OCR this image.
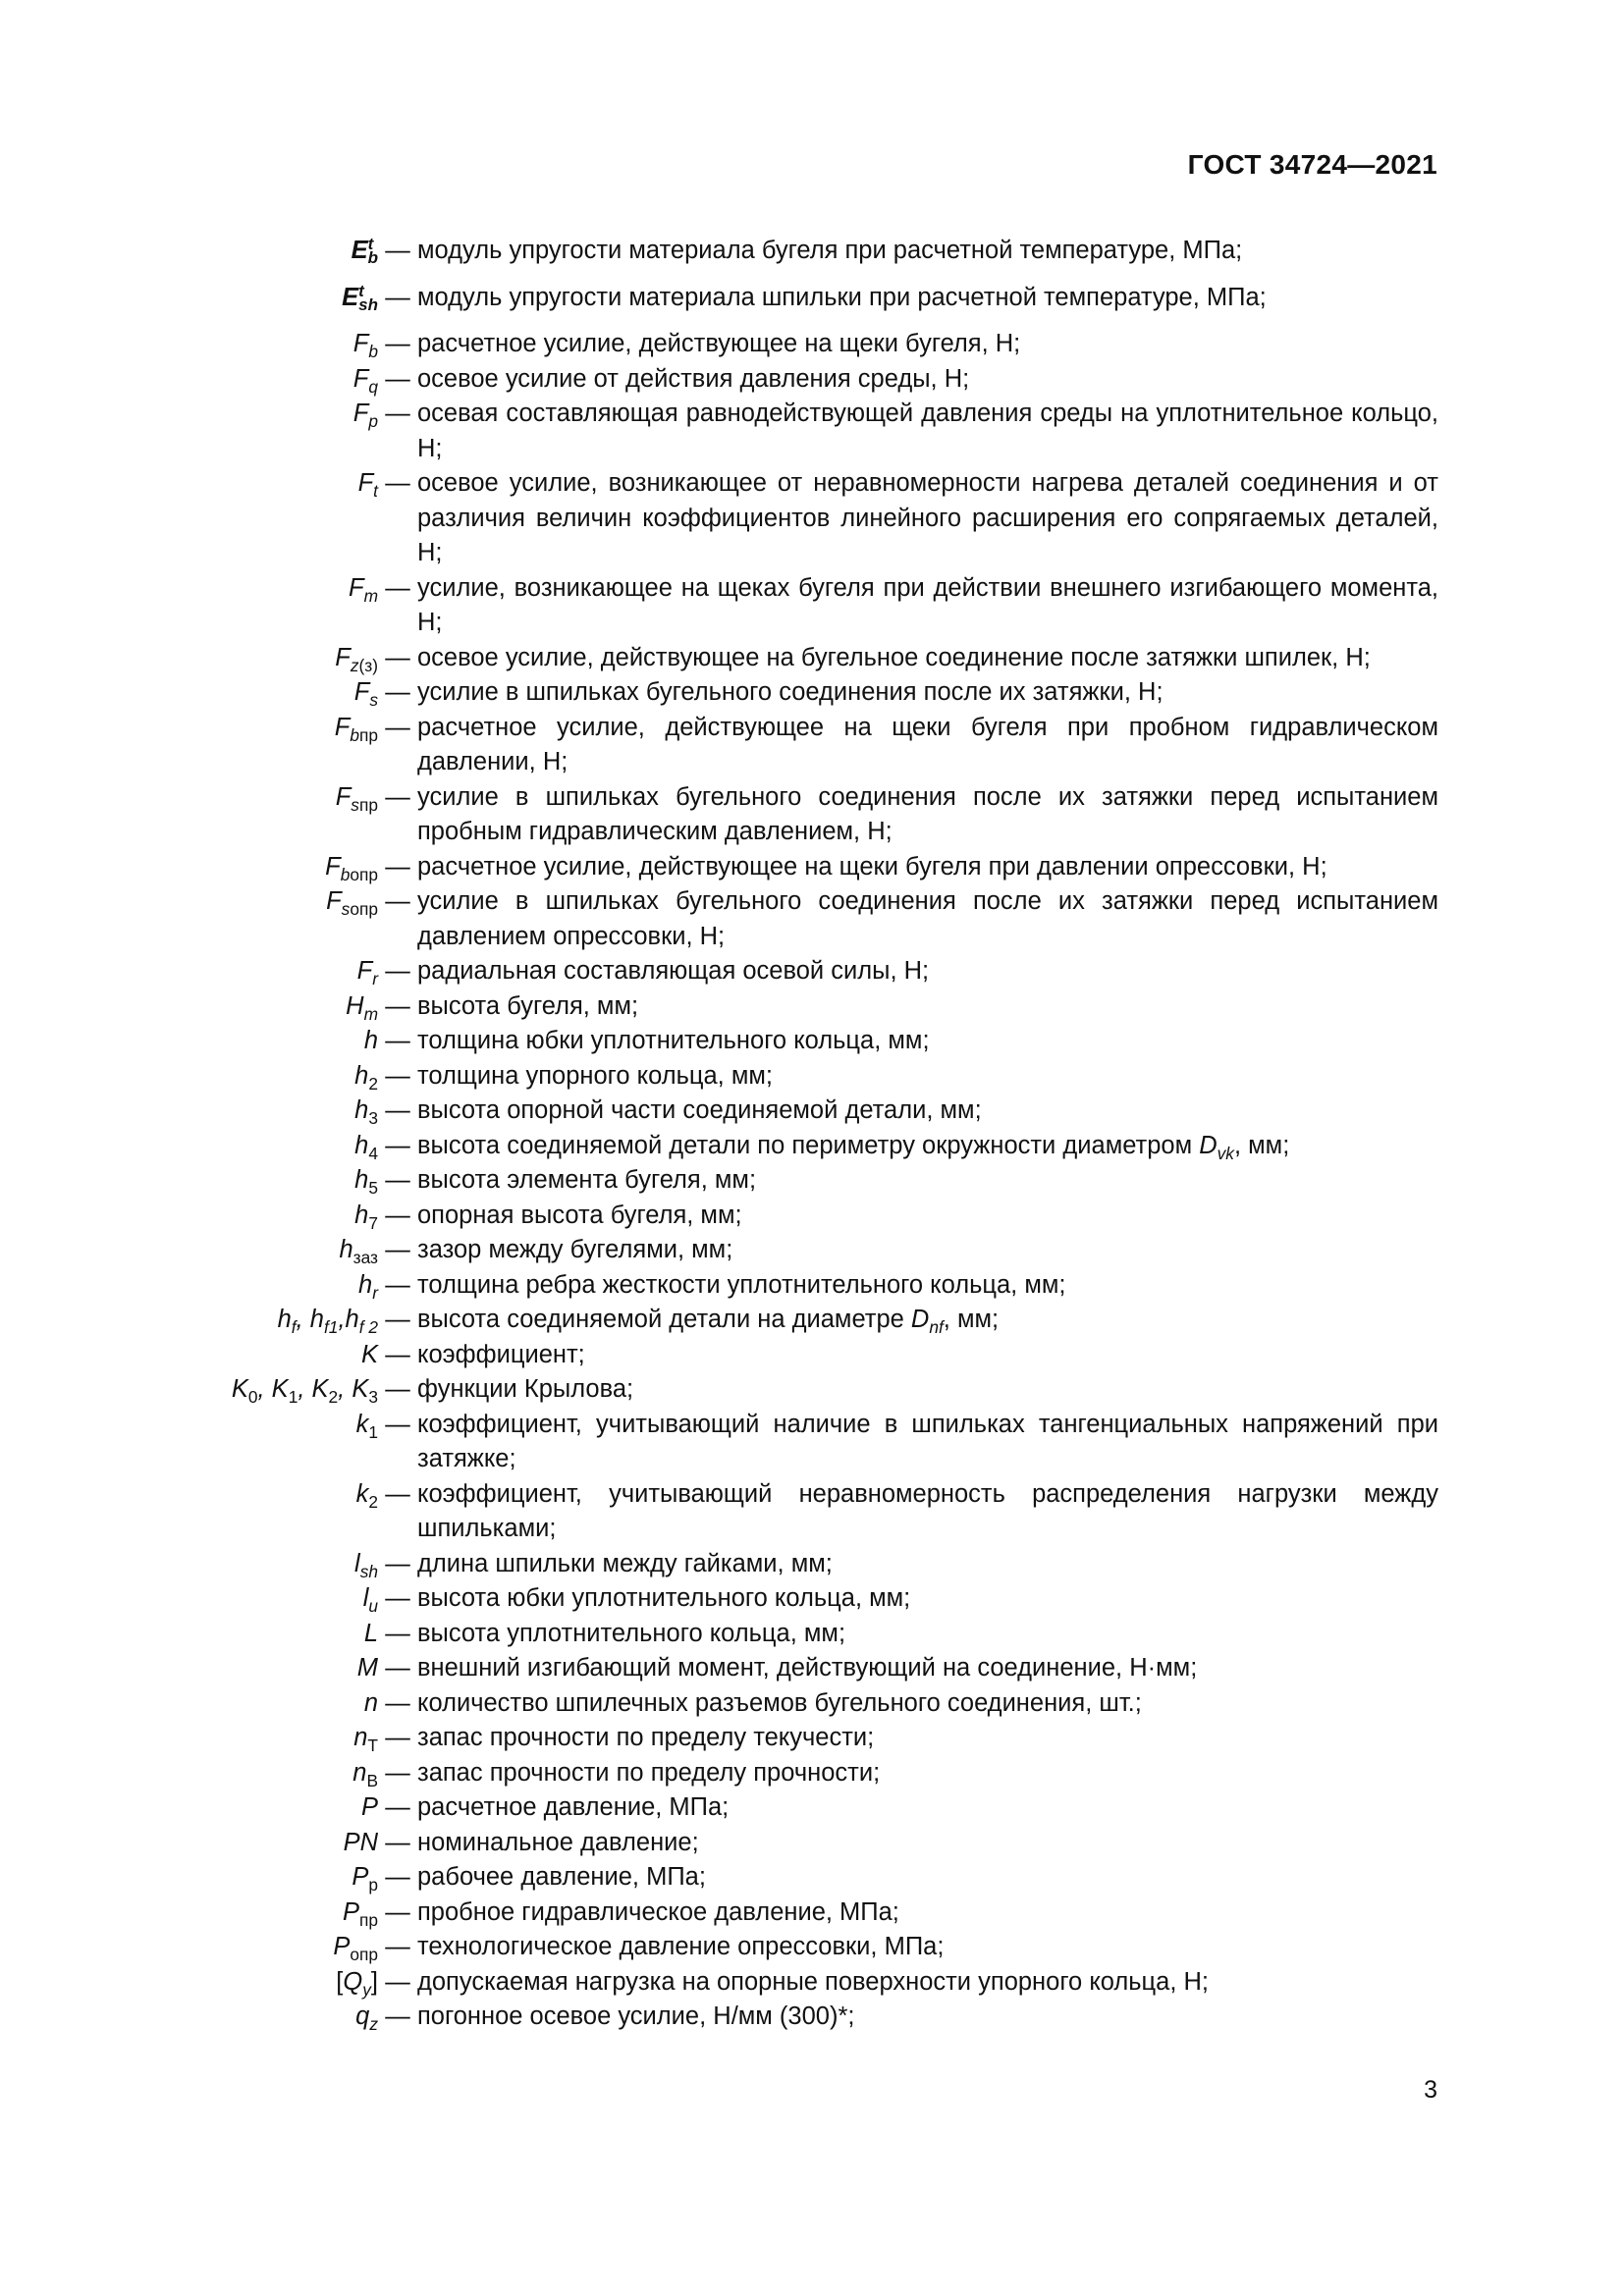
ГОСТ 34724—2021
E t
b — модуль упругости материала бугеля при расчетной температуре, МПа;
E t
sh — модуль упругости материала шпильки при расчетной температуре, МПа;
$F_b$ — расчетное усилие, действующее на щеки бугеля, Н;
$F_q$ — осевое усилие от действия давления среды, Н;
$F_p$ — осевая составляющая равнодействующей давления среды на уплотнительное кольцо, Н;
$F_t$ — осевое усилие, возникающее от неравномерности нагрева деталей соединения и от различия величин коэффициентов линейного расширения его сопрягаемых деталей, Н;
$F_m$ — усилие, возникающее на щеках бугеля при действии внешнего изгибающего момента, Н;
$F_{z(з)}$ — осевое усилие, действующее на бугельное соединение после затяжки шпилек, Н;
$F_s$ — усилие в шпильках бугельного соединения после их затяжки, Н;
$F_{bпр}$ — расчетное усилие, действующее на щеки бугеля при пробном гидравлическом давлении, Н;
$F_{sпр}$ — усилие в шпильках бугельного соединения после их затяжки перед испытанием пробным гидравлическим давлением, Н;
$F_{bопр}$ — расчетное усилие, действующее на щеки бугеля при давлении опрессовки, Н;
$F_{sопр}$ — усилие в шпильках бугельного соединения после их затяжки перед испытанием давлением опрессовки, Н;
$F_r$ — радиальная составляющая осевой силы, Н;
$H_m$ — высота бугеля, мм;
h — толщина юбки уплотнительного кольца, мм;
$h_2$ — толщина упорного кольца, мм;
$h_3$ — высота опорной части соединяемой детали, мм;
$h_4$ — высота соединяемой детали по периметру окружности диаметром $D_{vk}$, мм;
$h_5$ — высота элемента бугеля, мм;
$h_7$ — опорная высота бугеля, мм;
$h_{заз}$ — зазор между бугелями, мм;
$h_r$ — толщина ребра жесткости уплотнительного кольца, мм;
$h_f$, $h_{f1},h_{f 2}$ — высота соединяемой детали на диаметре $D_{nf}$, мм;
K — коэффициент;
$K_0$, $K_1$, $K_2$, $K_3$ — функции Крылова;
$k_1$ — коэффициент, учитывающий наличие в шпильках тангенциальных напряжений при затяжке;
$k_2$ — коэффициент, учитывающий неравномерность распределения нагрузки между шпильками;
$l_{sh}$ — длина шпильки между гайками, мм;
$l_u$ — высота юбки уплотнительного кольца, мм;
L — высота уплотнительного кольца, мм;
M — внешний изгибающий момент, действующий на соединение, Н·мм;
n — количество шпилечных разъемов бугельного соединения, шт.;
$n_Т$ — запас прочности по пределу текучести;
$n_В$ — запас прочности по пределу прочности;
P — расчетное давление, МПа;
PN — номинальное давление;
$P_р$ — рабочее давление, МПа;
$P_{пр}$ — пробное гидравлическое давление, МПа;
$P_{опр}$ — технологическое давление опрессовки, МПа;
$[Q_y]$ — допускаемая нагрузка на опорные поверхности упорного кольца, Н;
$q_z$ — погонное осевое усилие, Н/мм (300)*;
3
